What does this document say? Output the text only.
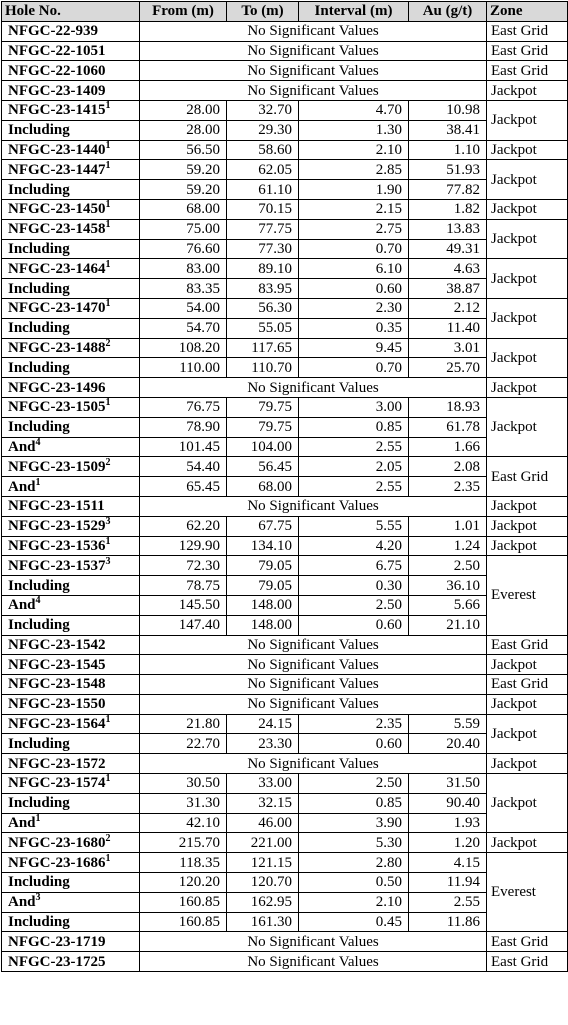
Hole No.	From (m)	To (m)	Interval (m)	Au (g/t)	Zone
NFGC-22-939	No Significant Values				East Grid
NFGC-22-1051	No Significant Values				East Grid
NFGC-22-1060	No Significant Values				East Grid
NFGC-23-1409	No Significant Values				Jackpot
NFGC-23-1415$^1$	28.00	32.70	4.70	10.98	Jackpot
Including	28.00	29.30	1.30	38.41	
NFGC-23-1440$^1$	56.50	58.60	2.10	1.10	Jackpot
NFGC-23-1447$^1$	59.20	62.05	2.85	51.93	Jackpot
Including	59.20	61.10	1.90	77.82	
NFGC-23-1450$^1$	68.00	70.15	2.15	1.82	Jackpot
NFGC-23-1458$^1$	75.00	77.75	2.75	13.83	Jackpot
Including	76.60	77.30	0.70	49.31	
NFGC-23-1464$^1$	83.00	89.10	6.10	4.63	Jackpot
Including	83.35	83.95	0.60	38.87	
NFGC-23-1470$^1$	54.00	56.30	2.30	2.12	Jackpot
Including	54.70	55.05	0.35	11.40	
NFGC-23-1488$^2$	108.20	117.65	9.45	3.01	Jackpot
Including	110.00	110.70	0.70	25.70	
NFGC-23-1496	No Significant Values				Jackpot
NFGC-23-1505$^1$	76.75	79.75	3.00	18.93	Jackpot
Including	78.90	79.75	0.85	61.78	
And$^4$	101.45	104.00	2.55	1.66	
NFGC-23-1509$^2$	54.40	56.45	2.05	2.08	East Grid
And$^1$	65.45	68.00	2.55	2.35	
NFGC-23-1511	No Significant Values				Jackpot
NFGC-23-1529$^3$	62.20	67.75	5.55	1.01	Jackpot
NFGC-23-1536$^1$	129.90	134.10	4.20	1.24	Jackpot
NFGC-23-1537$^3$	72.30	79.05	6.75	2.50	Everest
Including	78.75	79.05	0.30	36.10	
And$^4$	145.50	148.00	2.50	5.66	
Including	147.40	148.00	0.60	21.10	
NFGC-23-1542	No Significant Values				East Grid
NFGC-23-1545	No Significant Values				Jackpot
NFGC-23-1548	No Significant Values				East Grid
NFGC-23-1550	No Significant Values				Jackpot
NFGC-23-1564$^1$	21.80	24.15	2.35	5.59	Jackpot
Including	22.70	23.30	0.60	20.40	
NFGC-23-1572	No Significant Values				Jackpot
NFGC-23-1574$^1$	30.50	33.00	2.50	31.50	Jackpot
Including	31.30	32.15	0.85	90.40	
And$^1$	42.10	46.00	3.90	1.93	
NFGC-23-1680$^2$	215.70	221.00	5.30	1.20	Jackpot
NFGC-23-1686$^1$	118.35	121.15	2.80	4.15	Everest
Including	120.20	120.70	0.50	11.94	
And$^3$	160.85	162.95	2.10	2.55	
Including	160.85	161.30	0.45	11.86	
NFGC-23-1719	No Significant Values				East Grid
NFGC-23-1725	No Significant Values				East Grid
